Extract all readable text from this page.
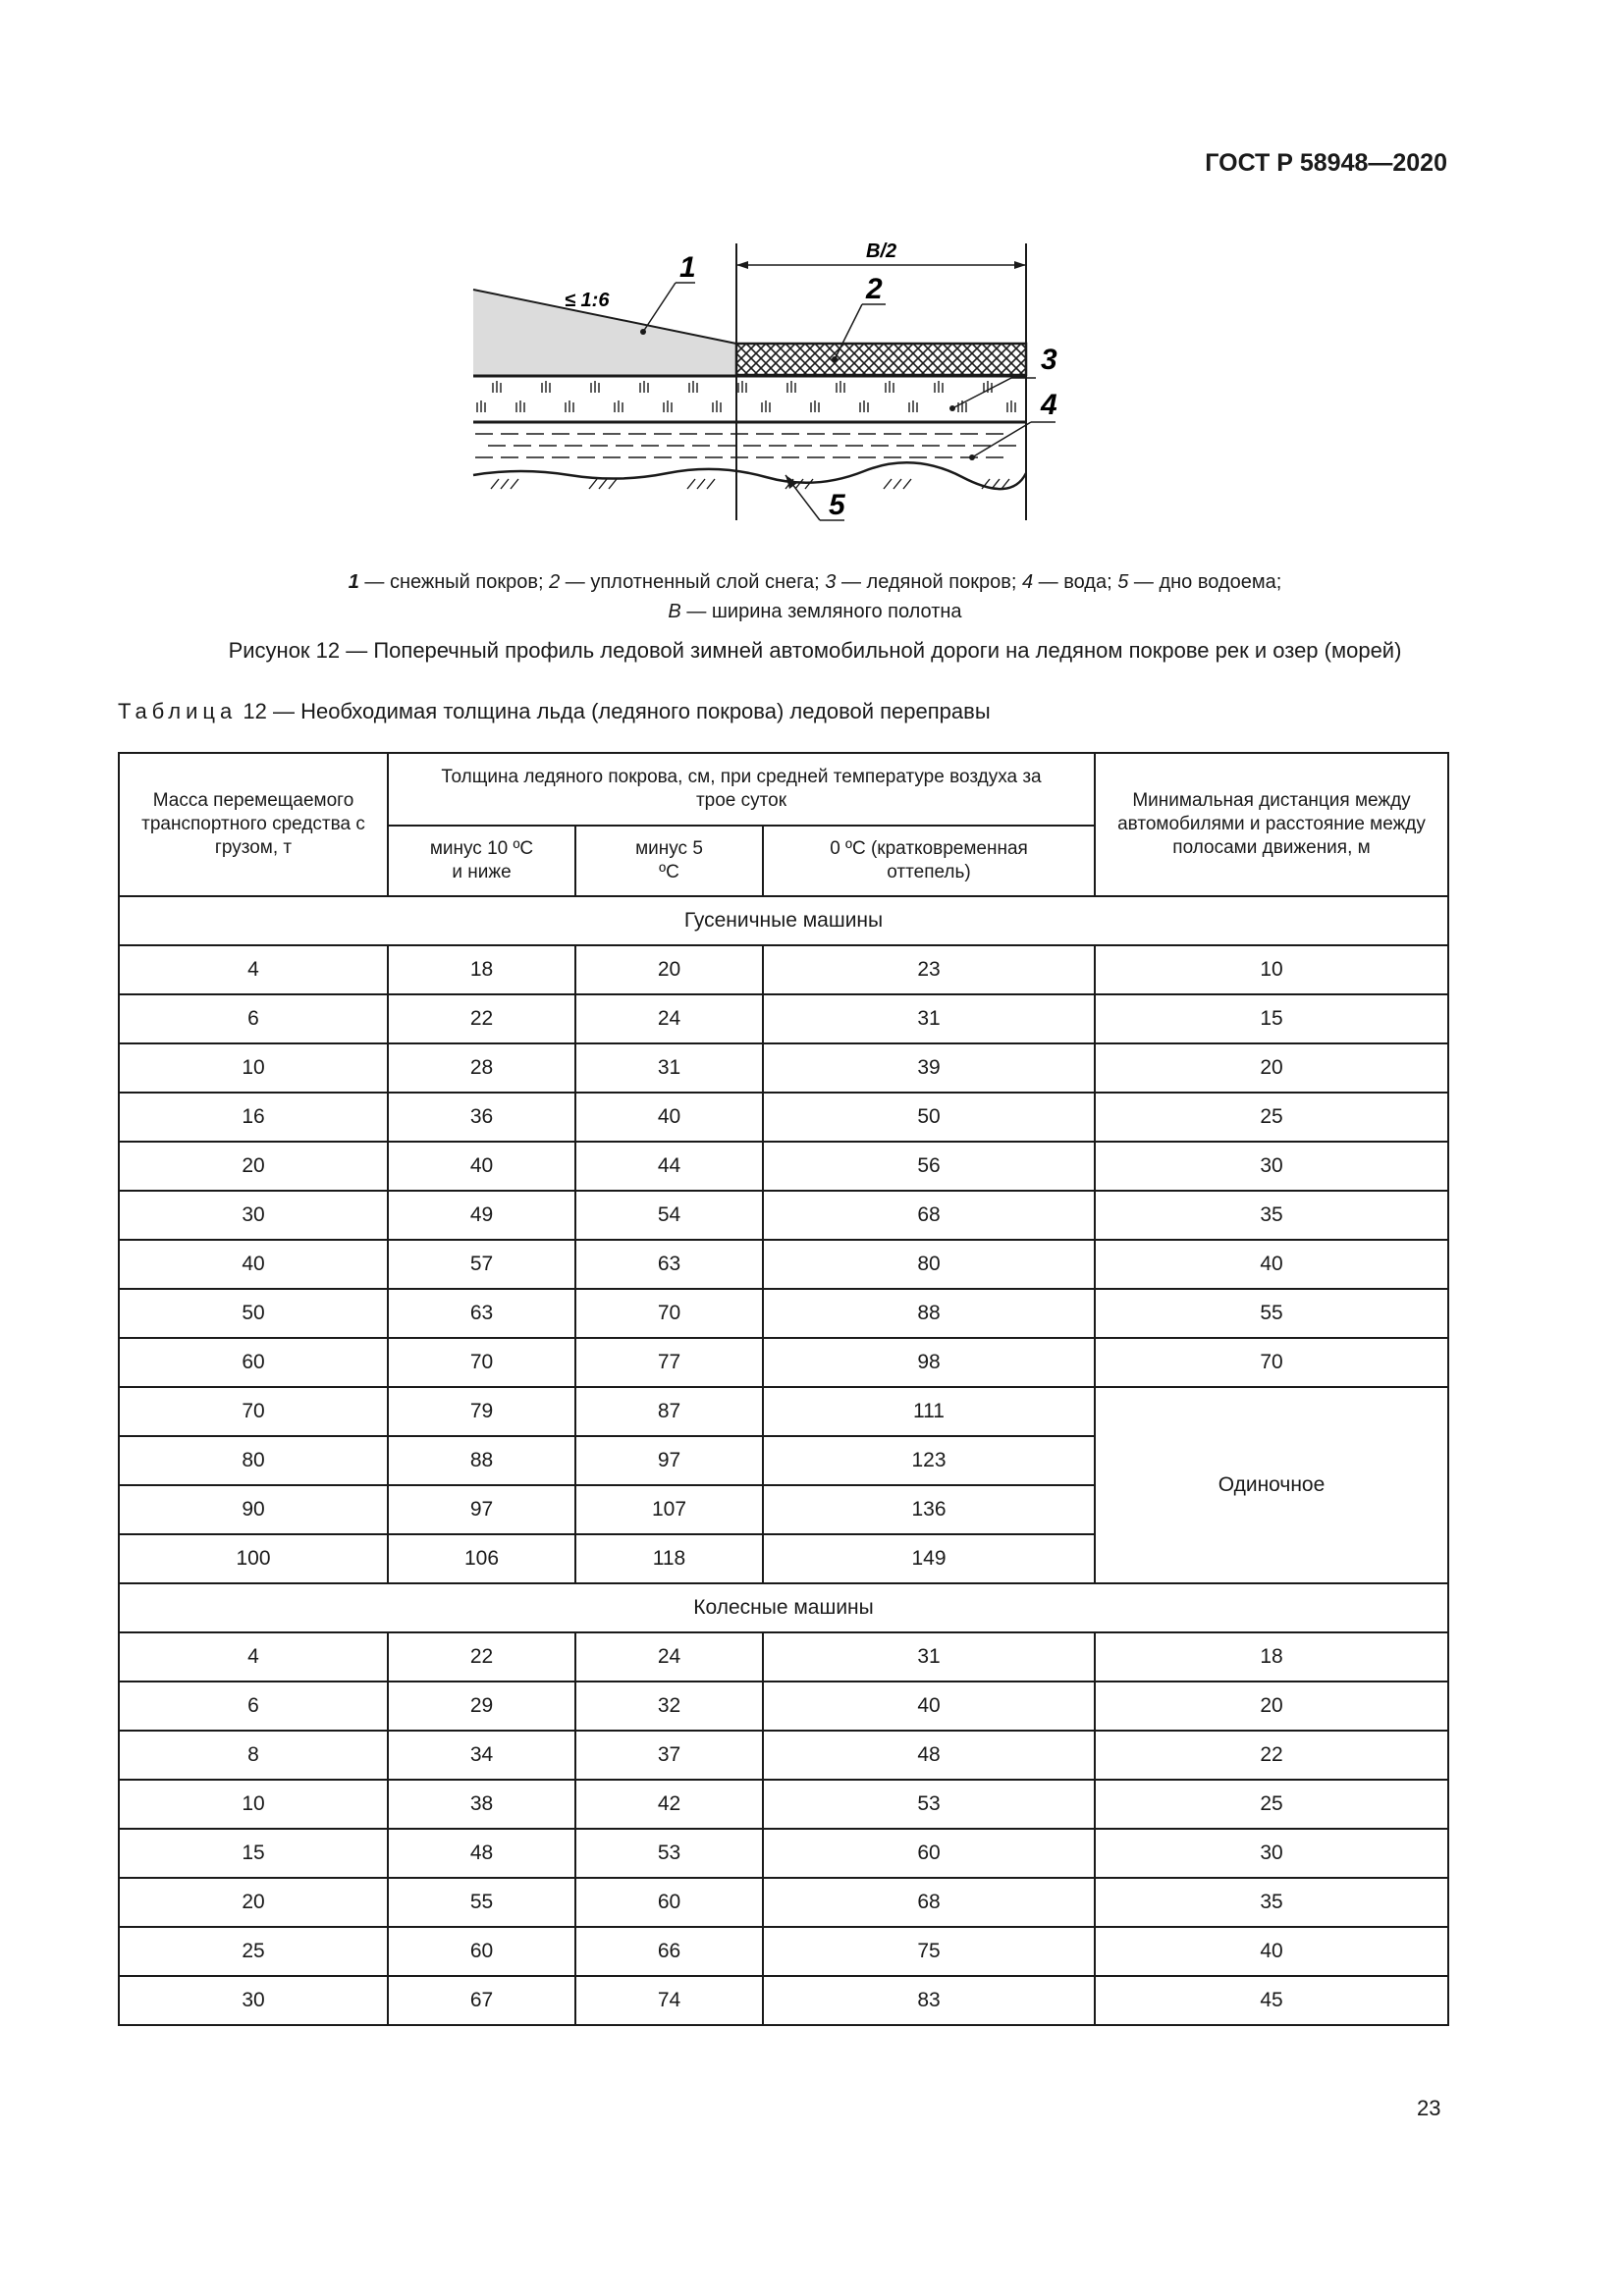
ГОСТ Р 58948—2020
B/2
≤ 1:6
1
2
3
4
5
1 — снежный покров; 2 — уплотненный слой снега; 3 — ледяной покров; 4 — вода; 5 — дно водоема;
B — ширина земляного полотна
Рисунок 12 — Поперечный профиль ледовой зимней автомобильной дороги на ледяном покрове рек и озер (морей)
Таблица 12 — Необходимая толщина льда (ледяного покрова) ледовой переправы
Масса перемещаемого транспортного средства с грузом, т	Толщина ледяного покрова, см, при средней температуре воздуха за трое суток			Минимальная дистанция между автомобилями и расстояние между полосами движения, м
	минус 10 ºС и ниже	минус 5 ºС	0 ºС (кратковременная оттепель)	
Гусеничные машины				
4	18	20	23	10
6	22	24	31	15
10	28	31	39	20
16	36	40	50	25
20	40	44	56	30
30	49	54	68	35
40	57	63	80	40
50	63	70	88	55
60	70	77	98	70
70	79	87	111	Одиночное
80	88	97	123	
90	97	107	136	
100	106	118	149	
Колесные машины				
4	22	24	31	18
6	29	32	40	20
8	34	37	48	22
10	38	42	53	25
15	48	53	60	30
20	55	60	68	35
25	60	66	75	40
30	67	74	83	45
23
